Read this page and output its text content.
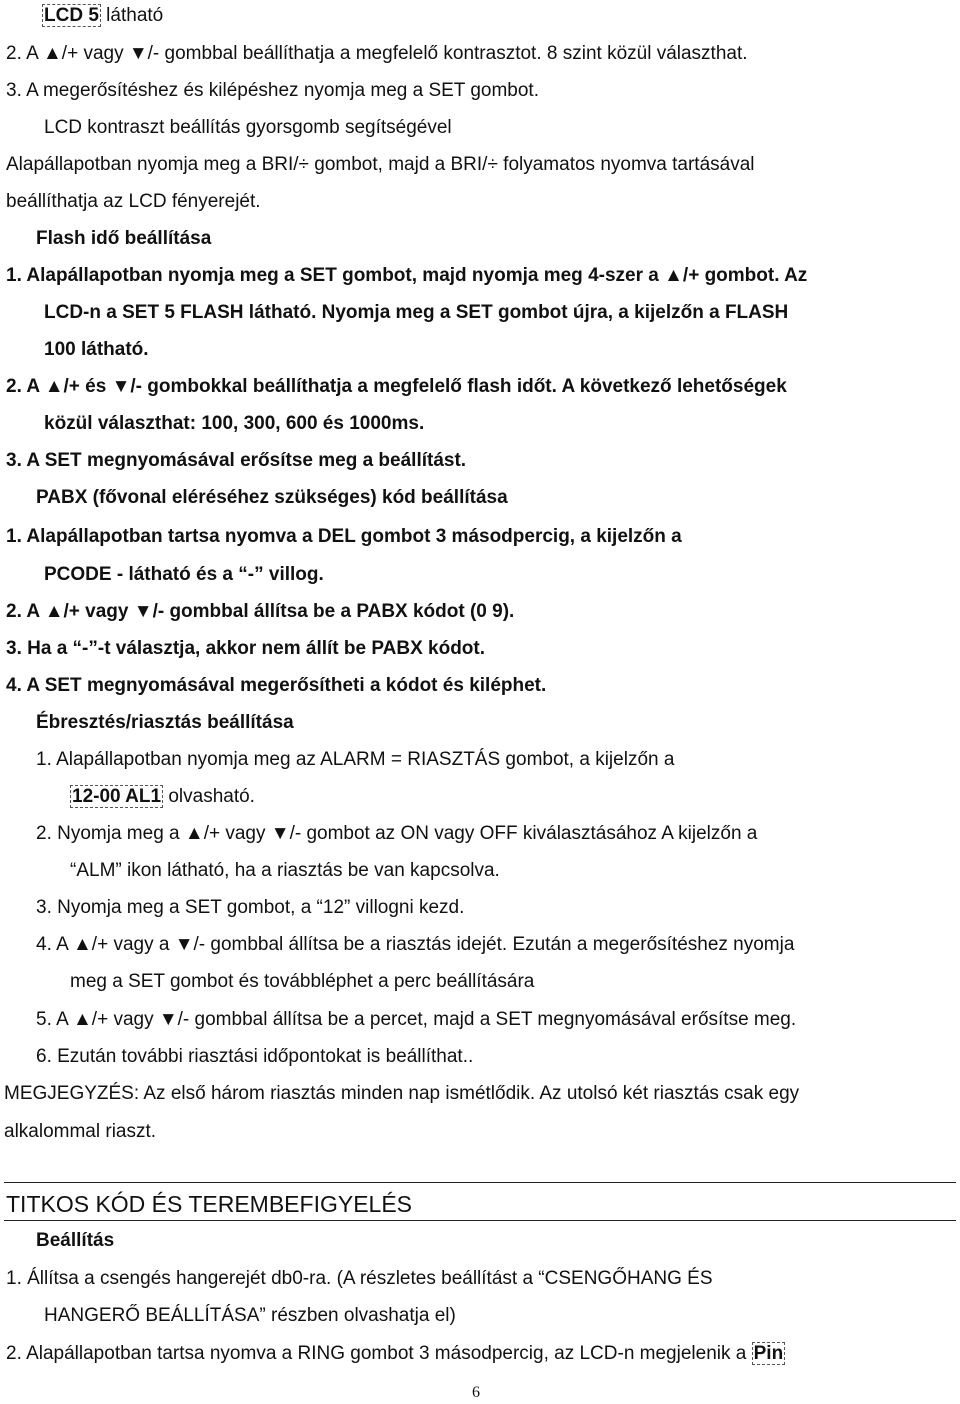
LCD 5 látható
2. A ▲/+ vagy ▼/- gombbal beállíthatja a megfelelő kontrasztot. 8 szint közül választhat.
3. A megerősítéshez és kilépéshez nyomja meg a SET gombot.
LCD kontraszt beállítás gyorsgomb segítségével
Alapállapotban nyomja meg a BRI/÷ gombot, majd a BRI/÷ folyamatos nyomva tartásával
beállíthatja az LCD fényerejét.
Flash idő beállítása
1. Alapállapotban nyomja meg a SET gombot, majd nyomja meg 4-szer a ▲/+ gombot. Az
LCD-n a SET 5 FLASH látható. Nyomja meg a SET gombot újra, a kijelzőn a FLASH
100 látható.
2. A ▲/+ és ▼/- gombokkal beállíthatja a megfelelő flash időt. A következő lehetőségek
közül választhat: 100, 300, 600 és 1000ms.
3. A SET megnyomásával erősítse meg a beállítást.
PABX (fővonal eléréséhez szükséges) kód beállítása
1. Alapállapotban tartsa nyomva a DEL gombot 3 másodpercig, a kijelzőn a
PCODE - látható és a “-” villog.
2. A ▲/+ vagy ▼/- gombbal állítsa be a PABX kódot (0 9).
3. Ha a “-”-t választja, akkor nem állít be PABX kódot.
4. A SET megnyomásával megerősítheti a kódot és kiléphet.
Ébresztés/riasztás beállítása
1. Alapállapotban nyomja meg az ALARM = RIASZTÁS gombot, a kijelzőn a
12-00 AL1 olvasható.
2. Nyomja meg a ▲/+ vagy ▼/- gombot az ON vagy OFF kiválasztásához A kijelzőn a
“ALM” ikon látható, ha a riasztás be van kapcsolva.
3. Nyomja meg a SET gombot, a “12” villogni kezd.
4. A ▲/+ vagy a ▼/- gombbal állítsa be a riasztás idejét. Ezután a megerősítéshez nyomja
meg a SET gombot és továbbléphet a perc beállítására
5. A ▲/+ vagy ▼/- gombbal állítsa be a percet, majd a SET megnyomásával erősítse meg.
6. Ezután további riasztási időpontokat is beállíthat..
MEGJEGYZÉS: Az első három riasztás minden nap ismétlődik. Az utolsó két riasztás csak egy
alkalommal riaszt.
TITKOS KÓD ÉS TEREMBEFIGYELÉS
Beállítás
1. Állítsa a csengés hangerejét db0-ra. (A részletes beállítást a “CSENGŐHANG ÉS
HANGERŐ BEÁLLÍTÁSA” részben olvashatja el)
2. Alapállapotban tartsa nyomva a RING gombot 3 másodpercig, az LCD-n megjelenik a Pin
6
